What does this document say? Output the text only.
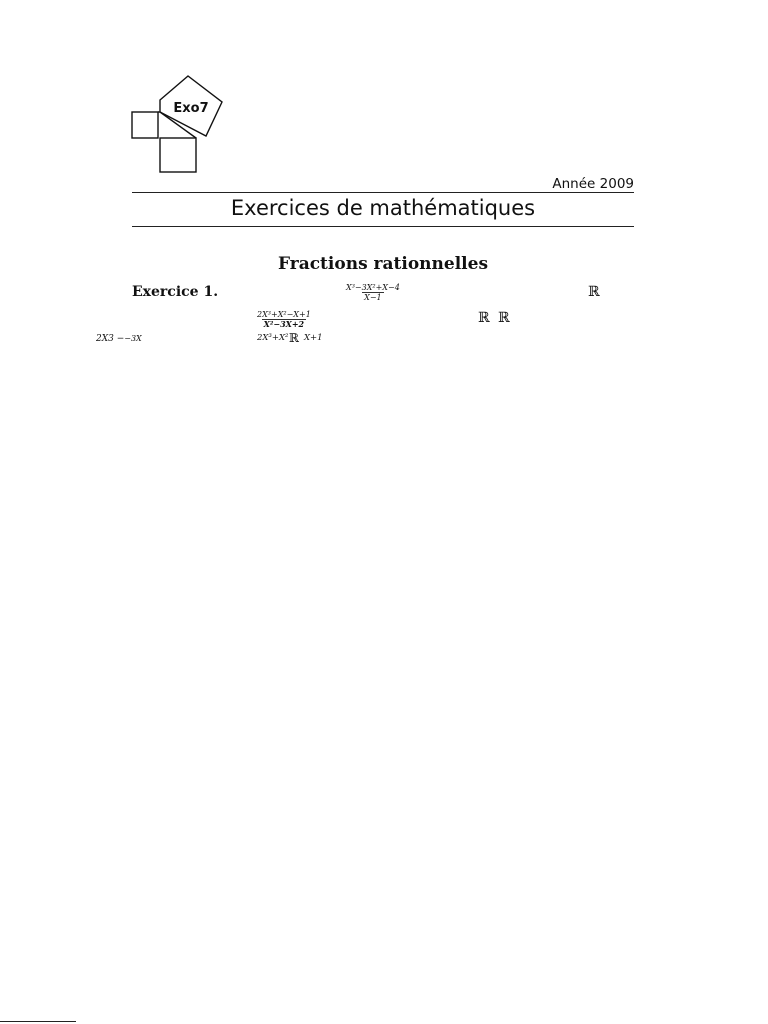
Exo7
Année 2009
Exercices de mathématiques
Fractions rationnelles
Exercice 1.	$\frac{\text{X³−3X²+X−4}}{X-1}$
$\frac{\text{2X³+X²−X+1}}{\text{X²−3X+2}}$
ℝ
ℝ ℝ
2X3 −−3X	2X³+X² ℝ X+1
